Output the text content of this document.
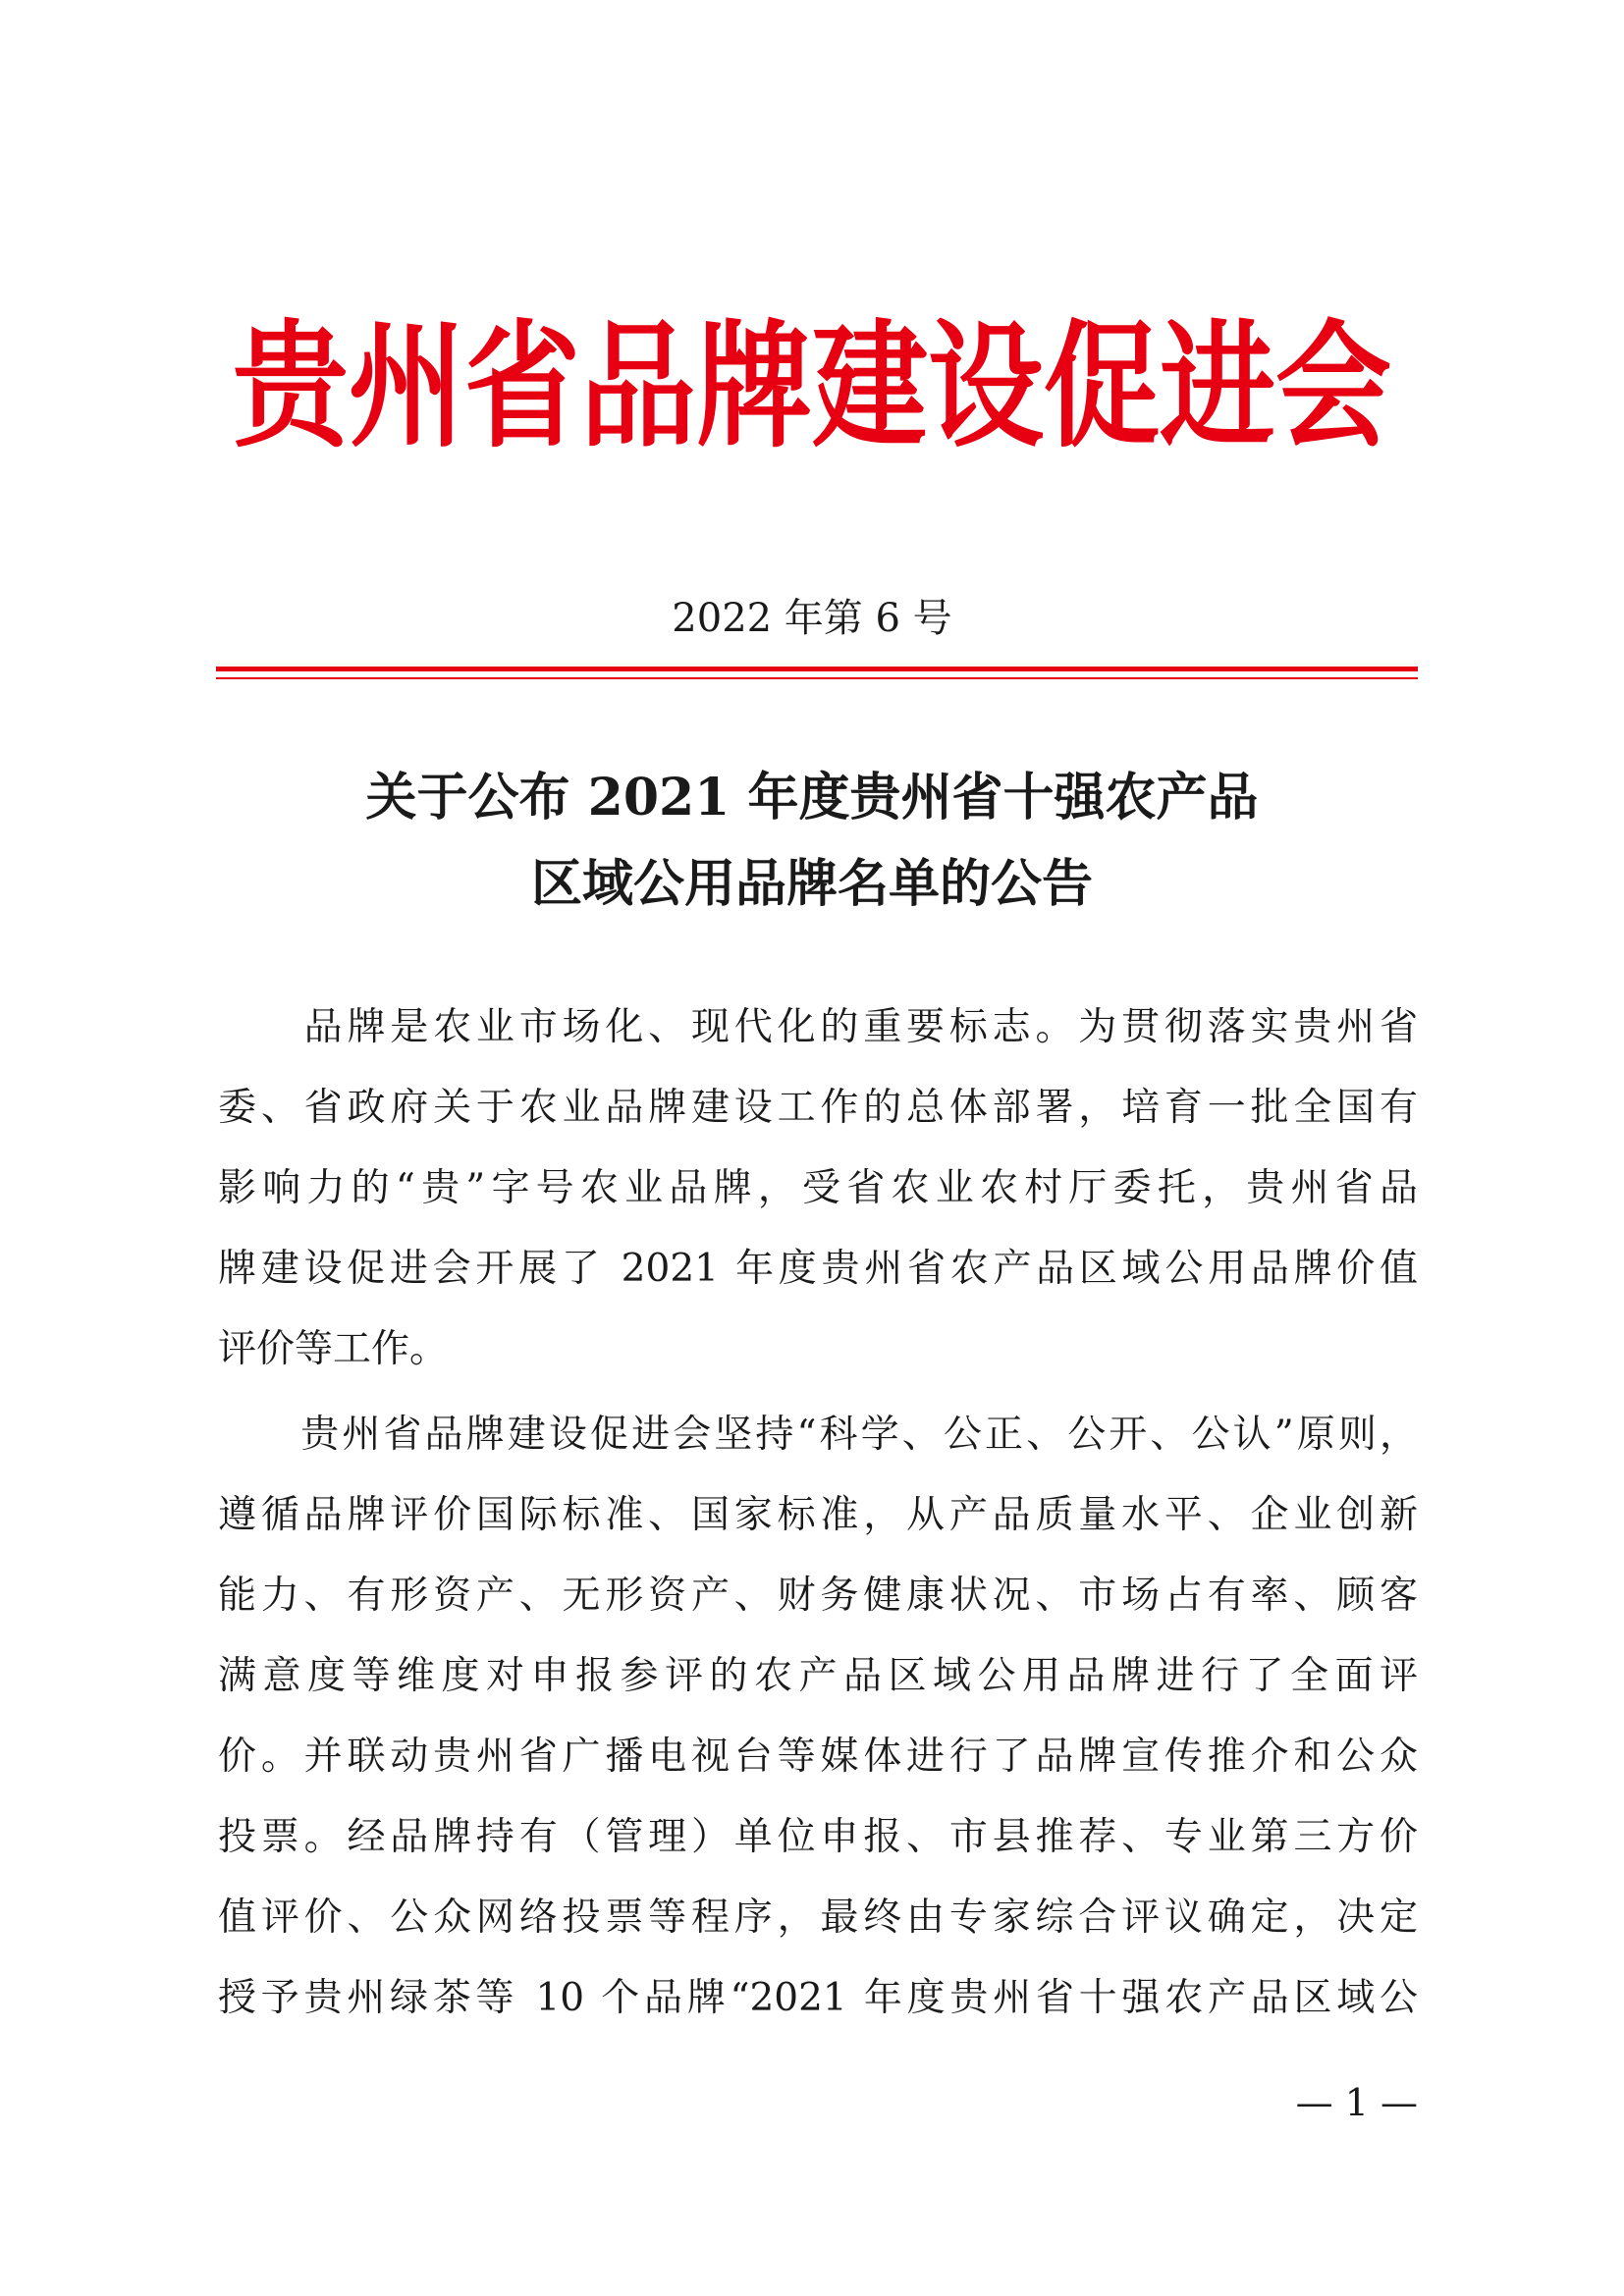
贵州省品牌建设促进会
2022 年第 6 号
关于公布 2021 年度贵州省十强农产品
区域公用品牌名单的公告
　　品牌是农业市场化、现代化的重要标志。为贯彻落实贵州省
委、省政府关于农业品牌建设工作的总体部署，培育一批全国有
影响力的“贵”字号农业品牌，受省农业农村厅委托，贵州省品
牌建设促进会开展了 2021 年度贵州省农产品区域公用品牌价值
评价等工作。
　　贵州省品牌建设促进会坚持“科学、公正、公开、公认”原则，
遵循品牌评价国际标准、国家标准，从产品质量水平、企业创新
能力、有形资产、无形资产、财务健康状况、市场占有率、顾客
满意度等维度对申报参评的农产品区域公用品牌进行了全面评
价。并联动贵州省广播电视台等媒体进行了品牌宣传推介和公众
投票。经品牌持有（管理）单位申报、市县推荐、专业第三方价
值评价、公众网络投票等程序，最终由专家综合评议确定，决定
授予贵州绿茶等 10 个品牌“2021 年度贵州省十强农产品区域公
— 1 —
